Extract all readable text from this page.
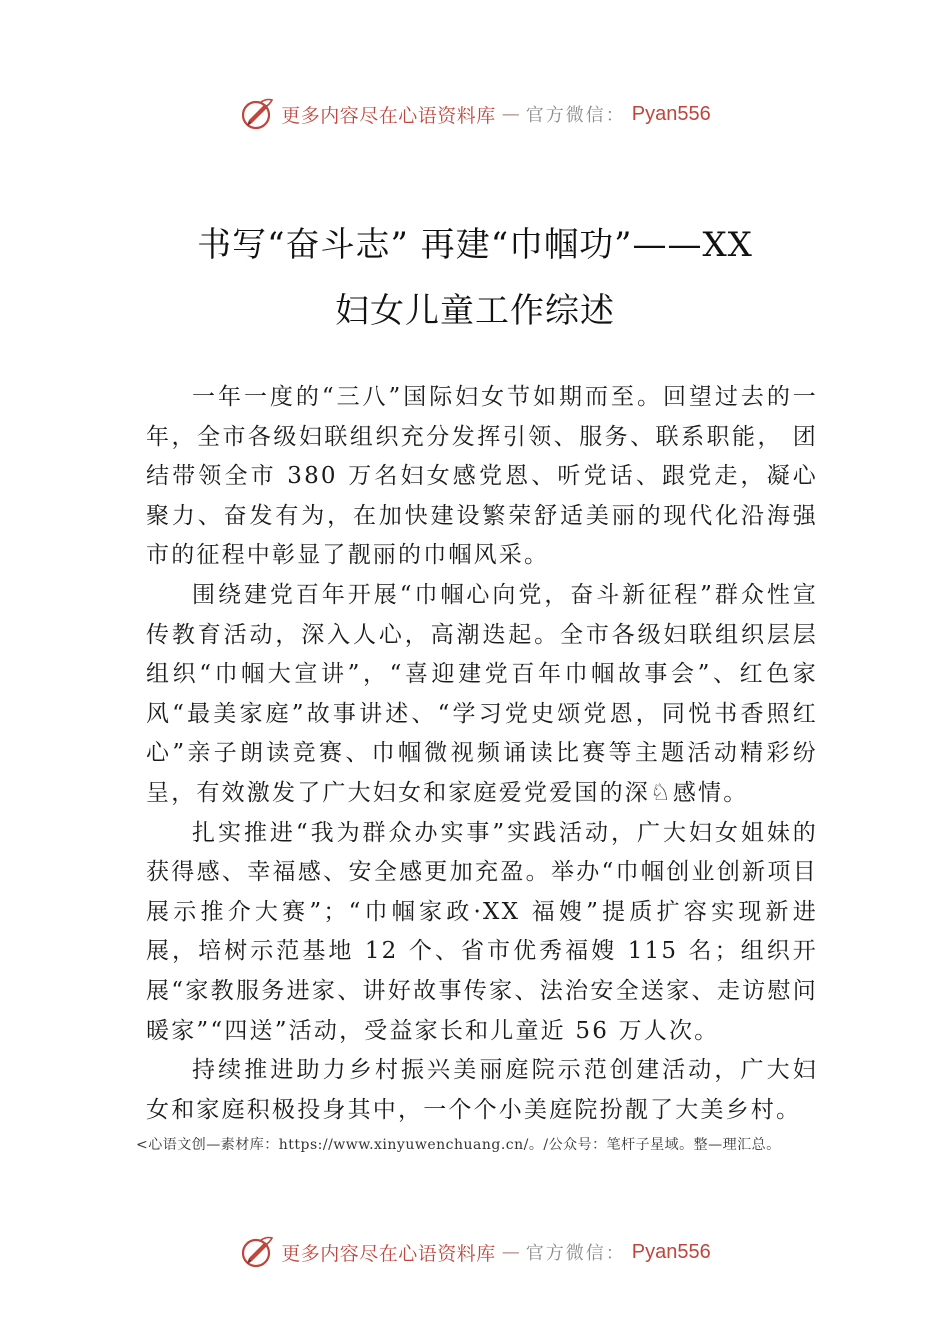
更多内容尽在心语资料库 — 官方微信： Pyan556
书写“奋斗志” 再建“巾帼功”——XX
妇女儿童工作综述

一年一度的“三八”国际妇女节如期而至。回望过去的一年，全市各级妇联组织充分发挥引领、服务、联系职能， 团结带领全市 380 万名妇女感党恩、听党话、跟党走，凝心聚力、奋发有为，在加快建设繁荣舒适美丽的现代化沿海强市的征程中彰显了靓丽的巾帼风采。

围绕建党百年开展“巾帼心向党，奋斗新征程”群众性宣传教育活动，深入人心，高潮迭起。全市各级妇联组织层层组织“巾帼大宣讲”，“喜迎建党百年巾帼故事会”、红色家风“最美家庭”故事讲述、“学习党史颂党恩，同悦书香照红心”亲子朗读竞赛、巾帼微视频诵读比赛等主题活动精彩纷呈，有效激发了广大妇女和家庭爱党爱国的深♘感情。

扎实推进“我为群众办实事”实践活动，广大妇女姐妹的获得感、幸福感、安全感更加充盈。举办“巾帼创业创新项目展示推介大赛”；“巾帼家政·XX 福嫂”提质扩容实现新进展，培树示范基地 12 个、省市优秀福嫂 115 名；组织开展“家教服务进家、讲好故事传家、法治安全送家、走访慰问暖家”“四送”活动，受益家长和儿童近 56 万人次。

持续推进助力乡村振兴美丽庭院示范创建活动，广大妇女和家庭积极投身其中，一个个小美庭院扮靓了大美乡村。

<心语文创—素材库：https://www.xinyuwenchuang.cn/。/公众号：笔杆子星域。整—理汇总。
更多内容尽在心语资料库 — 官方微信： Pyan556
